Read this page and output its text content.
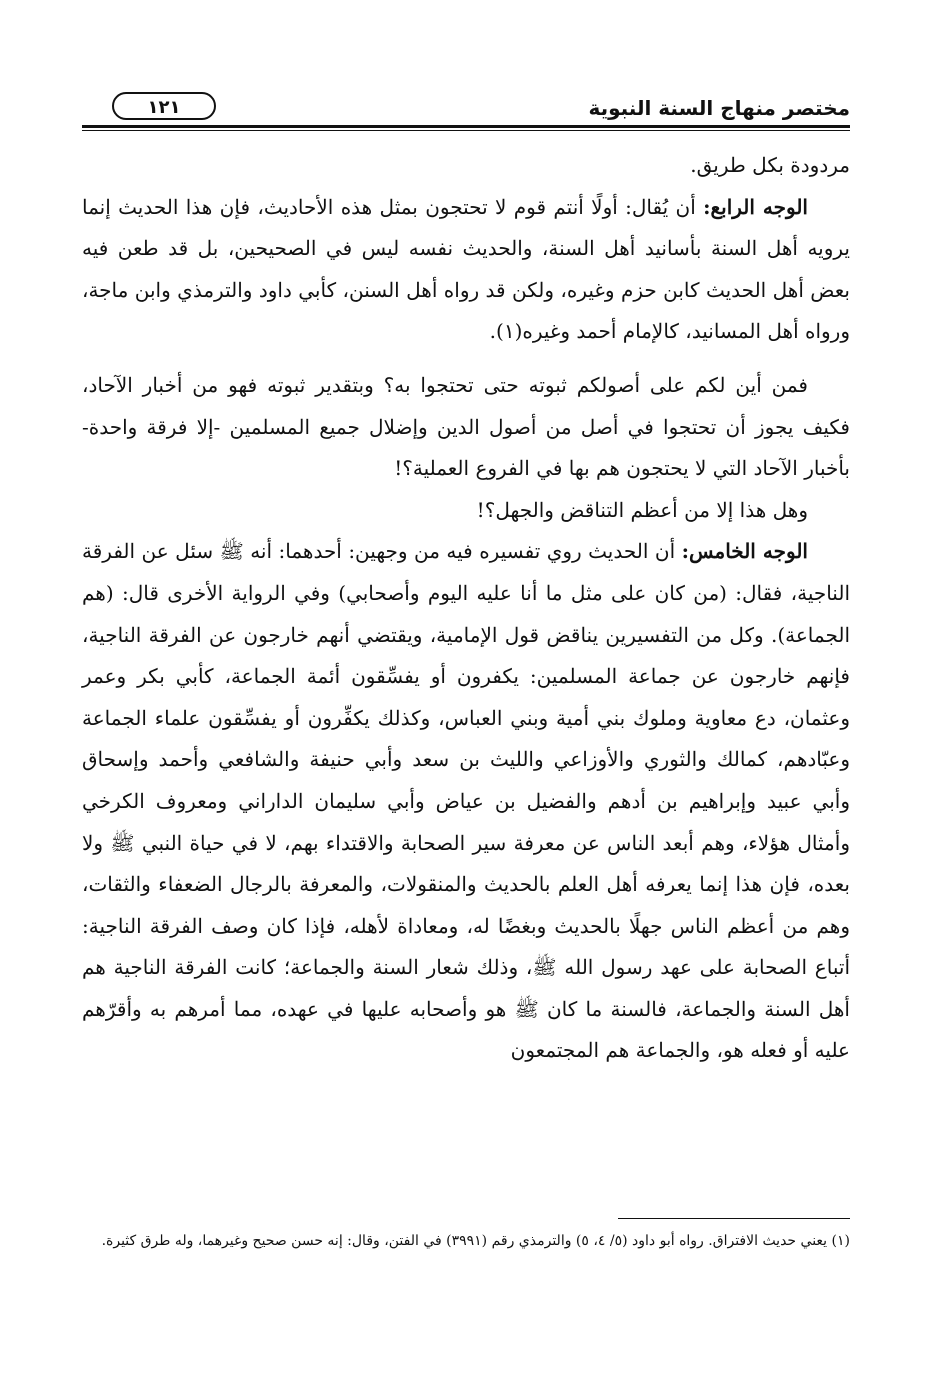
مختصر منهاج السنة النبوية
١٢١

مردودة بكل طريق.

الوجه الرابع: أن يُقال: أولًا أنتم قوم لا تحتجون بمثل هذه الأحاديث، فإن هذا الحديث إنما يرويه أهل السنة بأسانيد أهل السنة، والحديث نفسه ليس في الصحيحين، بل قد طعن فيه بعض أهل الحديث كابن حزم وغيره، ولكن قد رواه أهل السنن، كأبي داود والترمذي وابن ماجة، ورواه أهل المسانيد، كالإمام أحمد وغيره(١).

فمن أين لكم على أصولكم ثبوته حتى تحتجوا به؟ وبتقدير ثبوته فهو من أخبار الآحاد، فكيف يجوز أن تحتجوا في أصل من أصول الدين وإضلال جميع المسلمين -إلا فرقة واحدة- بأخبار الآحاد التي لا يحتجون هم بها في الفروع العملية؟!

وهل هذا إلا من أعظم التناقض والجهل؟!

الوجه الخامس: أن الحديث روي تفسيره فيه من وجهين: أحدهما: أنه ﷺ سئل عن الفرقة الناجية، فقال: (من كان على مثل ما أنا عليه اليوم وأصحابي) وفي الرواية الأخرى قال: (هم الجماعة). وكل من التفسيرين يناقض قول الإمامية، ويقتضي أنهم خارجون عن الفرقة الناجية، فإنهم خارجون عن جماعة المسلمين: يكفرون أو يفسِّقون أئمة الجماعة، كأبي بكر وعمر وعثمان، دع معاوية وملوك بني أمية وبني العباس، وكذلك يكفِّرون أو يفسِّقون علماء الجماعة وعبّادهم، كمالك والثوري والأوزاعي والليث بن سعد وأبي حنيفة والشافعي وأحمد وإسحاق وأبي عبيد وإبراهيم بن أدهم والفضيل بن عياض وأبي سليمان الداراني ومعروف الكرخي وأمثال هؤلاء، وهم أبعد الناس عن معرفة سير الصحابة والاقتداء بهم، لا في حياة النبي ﷺ ولا بعده، فإن هذا إنما يعرفه أهل العلم بالحديث والمنقولات، والمعرفة بالرجال الضعفاء والثقات، وهم من أعظم الناس جهلًا بالحديث وبغضًا له، ومعاداة لأهله، فإذا كان وصف الفرقة الناجية: أتباع الصحابة على عهد رسول الله ﷺ، وذلك شعار السنة والجماعة؛ كانت الفرقة الناجية هم أهل السنة والجماعة، فالسنة ما كان ﷺ هو وأصحابه عليها في عهده، مما أمرهم به وأقرّهم عليه أو فعله هو، والجماعة هم المجتمعون

(١) يعني حديث الافتراق. رواه أبو داود (٥/ ٤، ٥) والترمذي رقم (٣٩٩١) في الفتن، وقال: إنه حسن صحيح وغيرهما، وله طرق كثيرة.
